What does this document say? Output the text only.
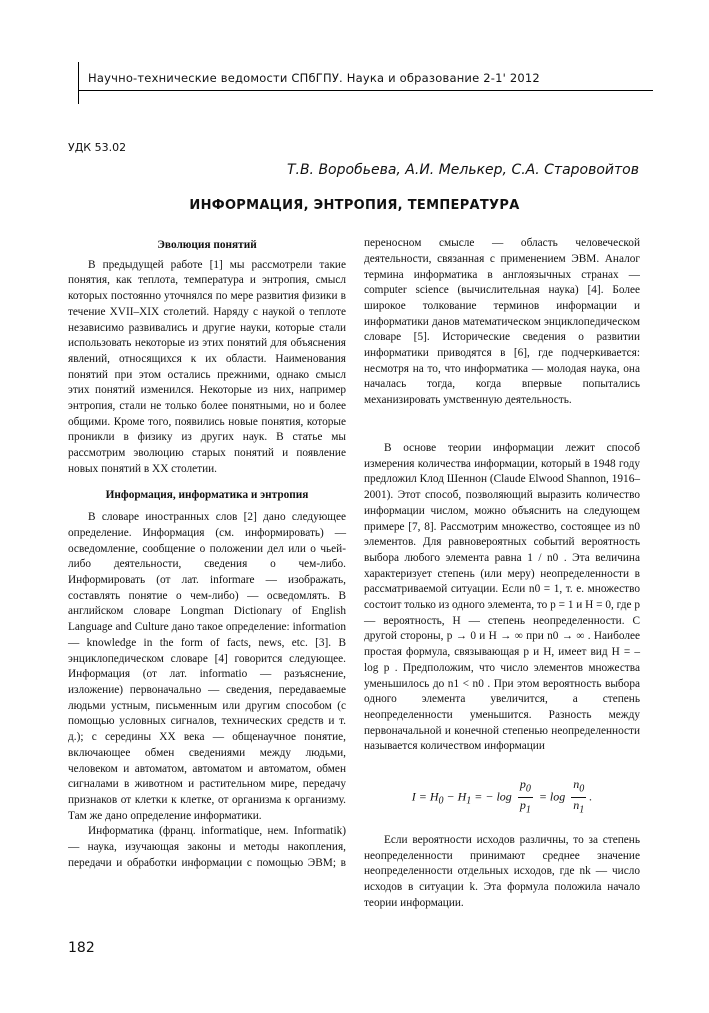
Научно-технические ведомости СПбГПУ. Наука и образование 2-1' 2012
УДК 53.02
Т.В. Воробьева, А.И. Мелькер, С.А. Старовойтов
ИНФОРМАЦИЯ, ЭНТРОПИЯ, ТЕМПЕРАТУРА
Эволюция понятий

В предыдущей работе [1] мы рассмотрели такие понятия, как теплота, температура и энтропия, смысл которых постоянно уточнялся по мере развития физики в течение XVII–XIX столетий. Наряду с наукой о теплоте независимо развивались и другие науки, которые стали использовать некоторые из этих понятий для объяснения явлений, относящихся к их области. Наименования понятий при этом остались прежними, однако смысл этих понятий изменился. Некоторые из них, например энтропия, стали не только более понятными, но и более общими. Кроме того, появились новые понятия, которые проникли в физику из других наук. В статье мы рассмотрим эволюцию старых понятий и появление новых понятий в XX столетии.

Информация, информатика и энтропия

В словаре иностранных слов [2] дано следующее определение. Информация (см. информировать) — осведомление, сообщение о положении дел или о чьей-либо деятельности, сведения о чем-либо. Информировать (от лат. informare — изображать, составлять понятие о чем-либо) — осведомлять. В английском словаре Longman Dictionary of English Language and Culture дано такое определение: information — knowledge in the form of facts, news, etc. [3]. В энциклопедическом словаре [4] говорится следующее. Информация (от лат. informatio — разъяснение, изложение) первоначально — сведения, передаваемые людьми устным, письменным или другим способом (с помощью условных сигналов, технических средств и т. д.); с середины XX века — общенаучное понятие, включающее обмен сведениями между людьми, человеком и автоматом, автоматом и автоматом, обмен сигналами в животном и растительном мире, передачу признаков от клетки к клетке, от организма к организму. Там же дано определение информатики.

Информатика (франц. informatique, нем. Informatik) — наука, изучающая законы и методы накопления, передачи и обработки информации с помощью ЭВМ; в

переносном смысле — область человеческой деятельности, связанная с применением ЭВМ. Аналог термина информатика в англоязычных странах — computer science (вычислительная наука) [4]. Более широкое толкование терминов информации и информатики данов математическом энциклопедическом словаре [5]. Исторические сведения о развитии информатики приводятся в [6], где подчеркивается: несмотря на то, что информатика — молодая наука, она началась тогда, когда впервые попытались механизировать умственную деятельность.

В основе теории информации лежит способ измерения количества информации, который в 1948 году предложил Клод Шеннон (Claude Elwood Shannon, 1916–2001). Этот способ, позволяющий выразить количество информации числом, можно объяснить на следующем примере [7, 8]. Рассмотрим множество, состоящее из n0 элементов. Для равновероятных событий вероятность выбора любого элемента равна 1 / n0 . Эта величина характеризует степень (или меру) неопределенности в рассматриваемой ситуации. Если n0 = 1, т. е. множество состоит только из одного элемента, то p = 1 и H = 0, где p — вероятность, H — степень неопределенности. С другой стороны, p → 0 и H → ∞ при n0 → ∞ . Наиболее простая формула, связывающая p и H, имеет вид H = – log p . Предположим, что число элементов множества уменьшилось до n1 < n0 . При этом вероятность выбора одного элемента увеличится, а степень неопределенности уменьшится. Разность между первоначальной и конечной степенью неопределенности называется количеством информации

$I = H_0 - H_1$ = − $\log \frac{p_0}{p_1} = \log \frac{n_0}{n_1}$ .

Если вероятности исходов различны, то за степень неопределенности принимают среднее значение неопределенности отдельных исходов, где nk — число исходов в ситуации k. Эта формула положила начало теории информации.

182
